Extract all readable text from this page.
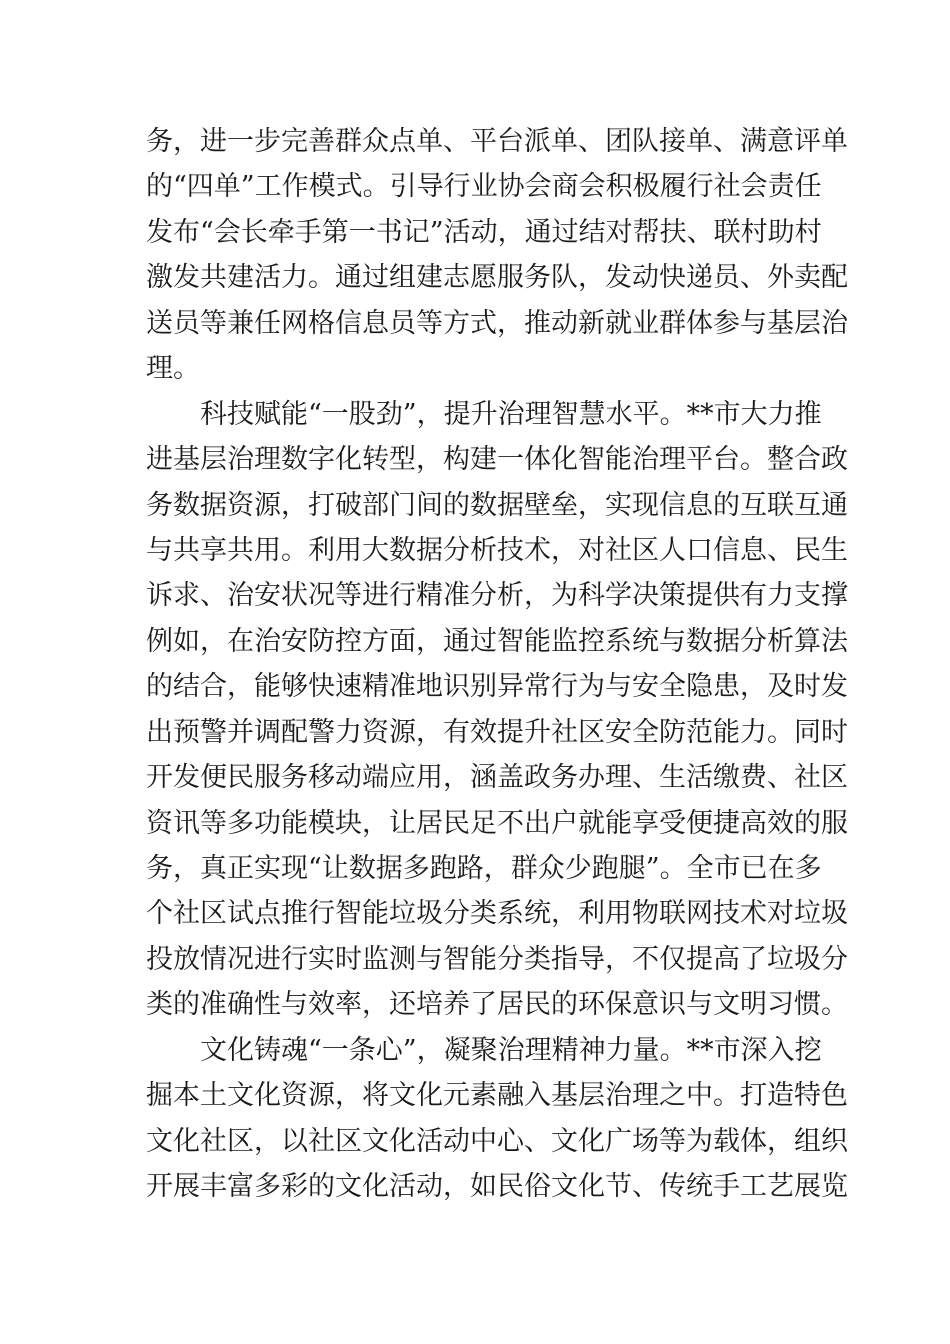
务，进一步完善群众点单、平台派单、团队接单、满意评单
的“四单”工作模式。引导行业协会商会积极履行社会责任
发布“会长牵手第一书记”活动，通过结对帮扶、联村助村
激发共建活力。通过组建志愿服务队，发动快递员、外卖配
送员等兼任网格信息员等方式，推动新就业群体参与基层治
理。
科技赋能“一股劲”，提升治理智慧水平。**市大力推
进基层治理数字化转型，构建一体化智能治理平台。整合政
务数据资源，打破部门间的数据壁垒，实现信息的互联互通
与共享共用。利用大数据分析技术，对社区人口信息、民生
诉求、治安状况等进行精准分析，为科学决策提供有力支撑
例如，在治安防控方面，通过智能监控系统与数据分析算法
的结合，能够快速精准地识别异常行为与安全隐患，及时发
出预警并调配警力资源，有效提升社区安全防范能力。同时
开发便民服务移动端应用，涵盖政务办理、生活缴费、社区
资讯等多功能模块，让居民足不出户就能享受便捷高效的服
务，真正实现“让数据多跑路，群众少跑腿”。全市已在多
个社区试点推行智能垃圾分类系统，利用物联网技术对垃圾
投放情况进行实时监测与智能分类指导，不仅提高了垃圾分
类的准确性与效率，还培养了居民的环保意识与文明习惯。
文化铸魂“一条心”，凝聚治理精神力量。**市深入挖
掘本土文化资源，将文化元素融入基层治理之中。打造特色
文化社区，以社区文化活动中心、文化广场等为载体，组织
开展丰富多彩的文化活动，如民俗文化节、传统手工艺展览
